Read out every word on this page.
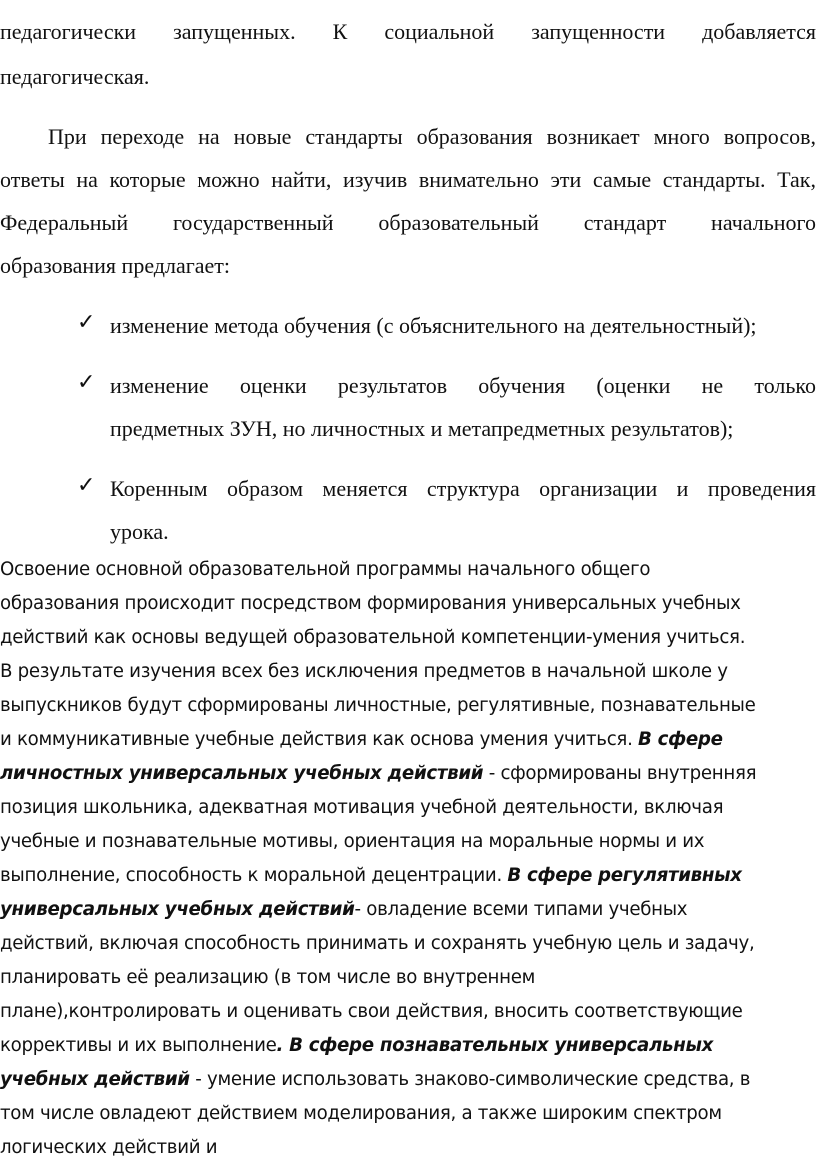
педагогически запущенных. К социальной запущенности добавляется
педагогическая.
При переходе на новые стандарты образования возникает много вопросов,
ответы на которые можно найти, изучив внимательно эти самые стандарты. Так,
Федеральный государственный образовательный стандарт начального
образования предлагает:
✓ изменение метода обучения (с объяснительного на деятельностный);
✓ изменение оценки результатов обучения (оценки не только
предметных ЗУН, но личностных и метапредметных результатов);
✓ Коренным образом меняется структура организации и проведения
урока.
Освоение основной образовательной программы начального общего
образования происходит посредством формирования универсальных учебных
действий как основы ведущей образовательной компетенции-умения учиться.
В результате изучения всех без исключения предметов в начальной школе у
выпускников будут сформированы личностные, регулятивные, познавательные
и коммуникативные учебные действия как основа умения учиться. В сфере
личностных универсальных учебных действий - сформированы внутренняя
позиция школьника, адекватная мотивация учебной деятельности, включая
учебные и познавательные мотивы, ориентация на моральные нормы и их
выполнение, способность к моральной децентрации. В сфере регулятивных
универсальных учебных действий- овладение всеми типами учебных
действий, включая способность принимать и сохранять учебную цель и задачу,
планировать её реализацию (в том числе во внутреннем
плане),контролировать и оценивать свои действия, вносить соответствующие
коррективы и их выполнение. В сфере познавательных универсальных
учебных действий - умение использовать знаково-символические средства, в
том числе овладеют действием моделирования, а также широким спектром
логических действий и
